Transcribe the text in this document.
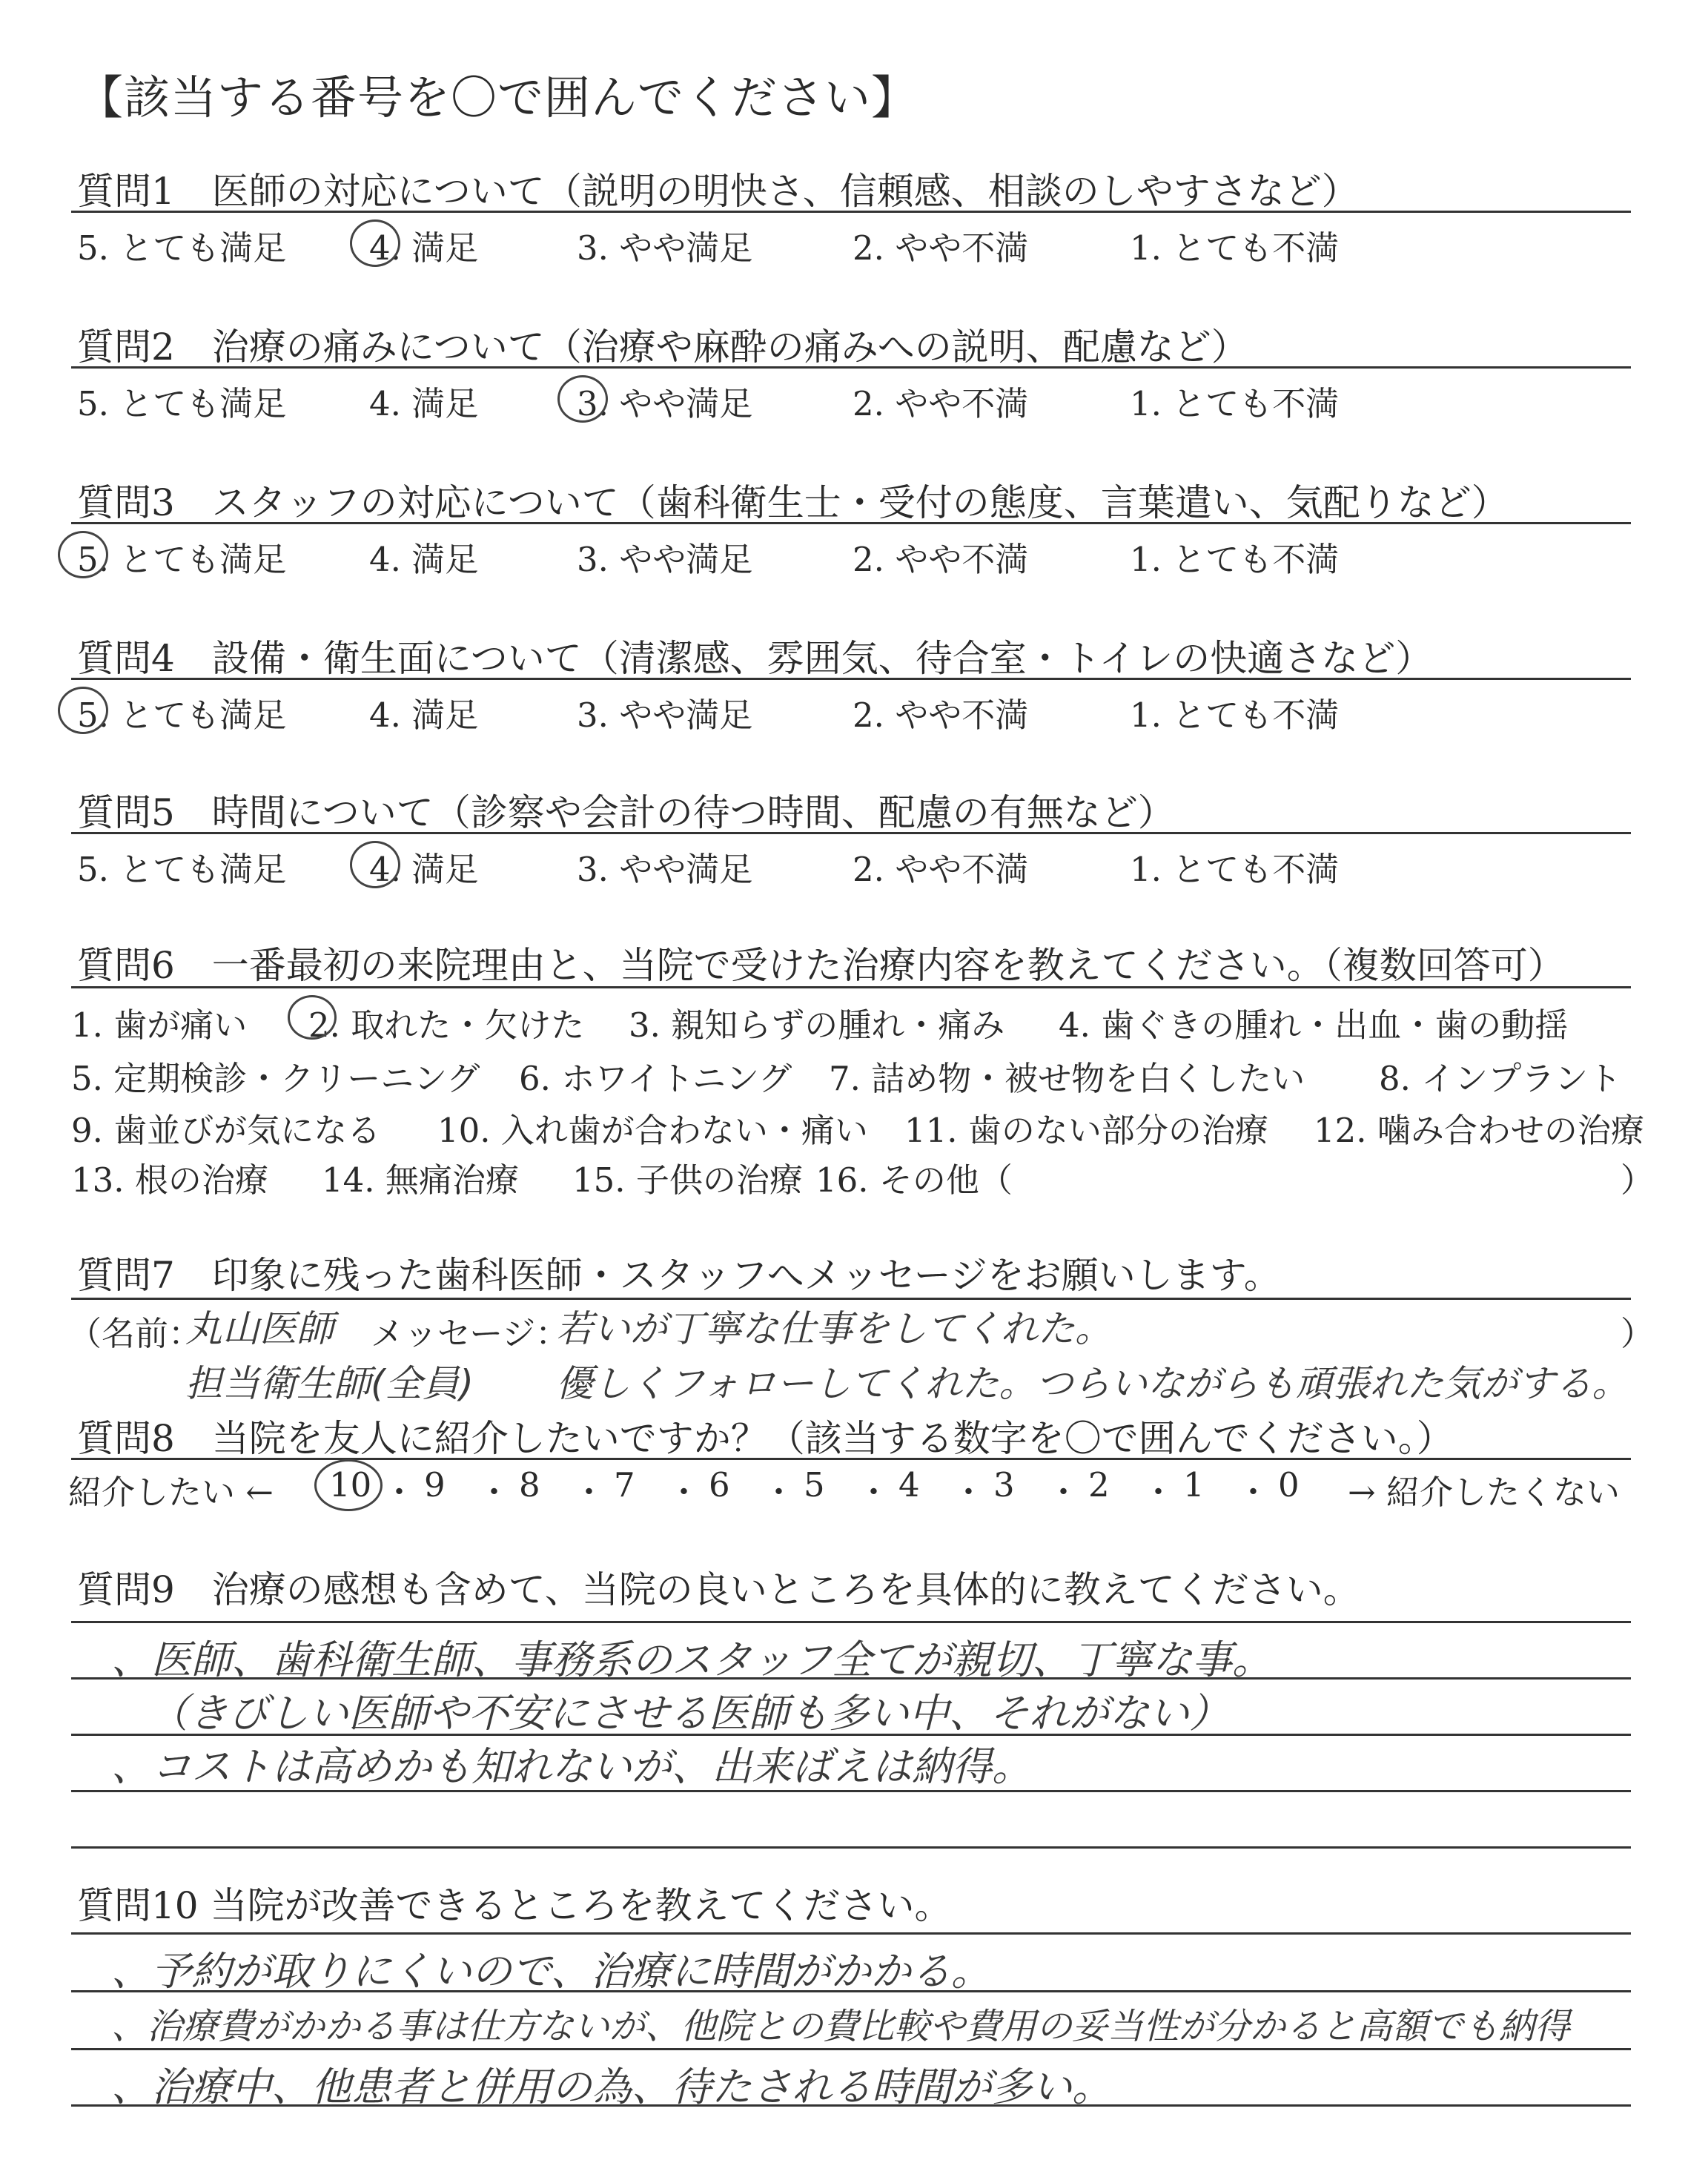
【該当する番号を〇で囲んでください】
質問1　医師の対応について（説明の明快さ、信頼感、相談のしやすさなど）
5. とても満足 4. 満足	3. やや満足	2. やや不満	1. とても不満
質問2　治療の痛みについて（治療や麻酔の痛みへの説明、配慮など）
5. とても満足 4. 満足	3. やや満足	2. やや不満	1. とても不満
質問3　スタッフの対応について（歯科衛生士・受付の態度、言葉遣い、気配りなど）
5. とても満足 4. 満足	3. やや満足	2. やや不満	1. とても不満
質問4　設備・衛生面について（清潔感、雰囲気、待合室・トイレの快適さなど）
5. とても満足 4. 満足	3. やや満足	2. やや不満	1. とても不満
質問5　時間について（診察や会計の待つ時間、配慮の有無など）
5. とても満足 4. 満足	3. やや満足	2. やや不満	1. とても不満
質問6　一番最初の来院理由と、当院で受けた治療内容を教えてください。（複数回答可）
1. 歯が痛い 2. 取れた・欠けた 3. 親知らずの腫れ・痛み 4. 歯ぐきの腫れ・出血・歯の動揺
5. 定期検診・クリーニング 6. ホワイトニング 7. 詰め物・被せ物を白くしたい 8. インプラント
9. 歯並びが気になる 10. 入れ歯が合わない・痛い 11. 歯のない部分の治療 12. 噛み合わせの治療
13. 根の治療 14. 無痛治療 15. 子供の治療 16. その他（	）
質問7　印象に残った歯科医師・スタッフへメッセージをお願いします。
（名前：
丸山医師 メッセージ：
若いが丁寧な仕事をしてくれた。	）
担当衛生師(全員) 優しくフォローしてくれた。つらいながらも頑張れた気がする。
質問8　当院を友人に紹介したいですか？（該当する数字を〇で囲んでください。）
紹介したい ← 10 ・ 9 ・ 8 ・ 7 ・ 6 ・ 5 ・ 4 ・ 3 ・ 2 ・ 1 ・ 0 → 紹介したくない
質問9　治療の感想も含めて、当院の良いところを具体的に教えてください。
、医師、歯科衛生師、事務系のスタッフ全てが親切、丁寧な事。
（きびしい医師や不安にさせる医師も多い中、それがない）
、コストは高めかも知れないが、出来ばえは納得。
質問10 当院が改善できるところを教えてください。
、予約が取りにくいので、治療に時間がかかる。
、治療費がかかる事は仕方ないが、他院との費比較や費用の妥当性が分かると高額でも納得
、治療中、他患者と併用の為、待たされる時間が多い。
